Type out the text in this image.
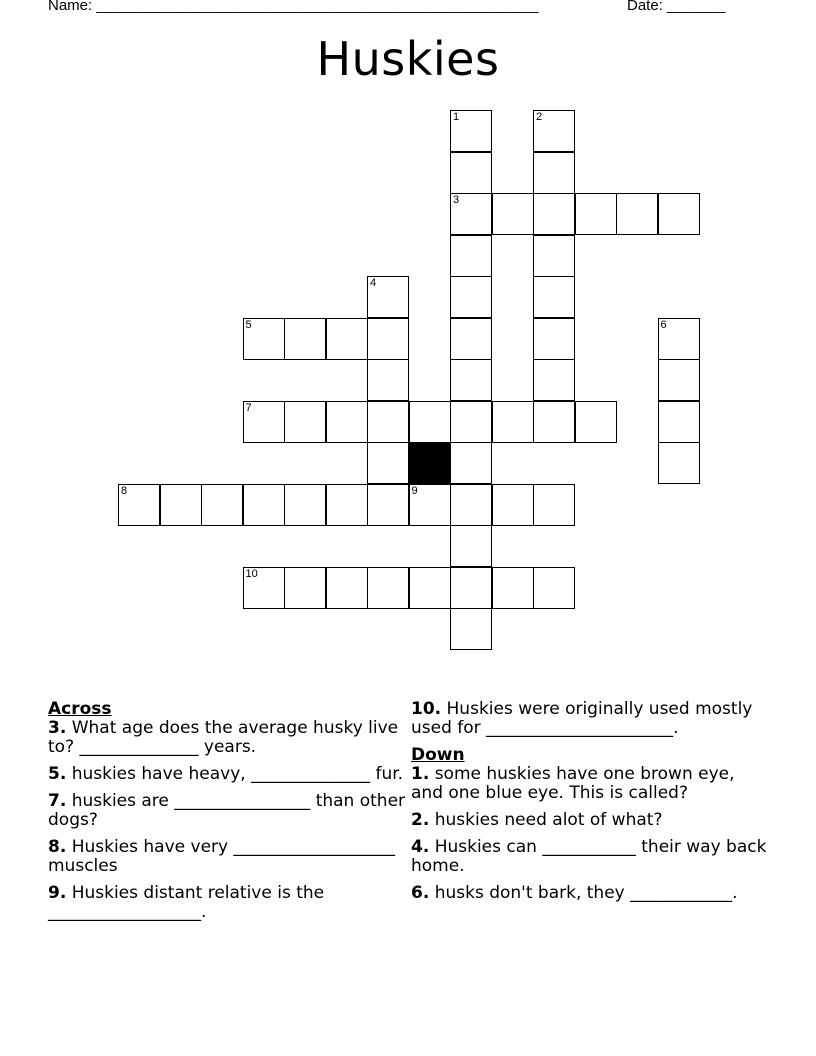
Name: _____________________________________________________	Date: _______
Huskies
1	2
3
4
5	6
7
8	9
10
Across
3. What age does the average husky live to? ______________ years.
5. huskies have heavy, ______________ fur.
7. huskies are ________________ than other dogs?
8. Huskies have very ___________________ muscles
9. Huskies distant relative is the __________________.
10. Huskies were originally used mostly used for ______________________.
Down
1. some huskies have one brown eye, and one blue eye. This is called?
2. huskies need alot of what?
4. Huskies can ___________ their way back home.
6. husks don't bark, they ____________.
